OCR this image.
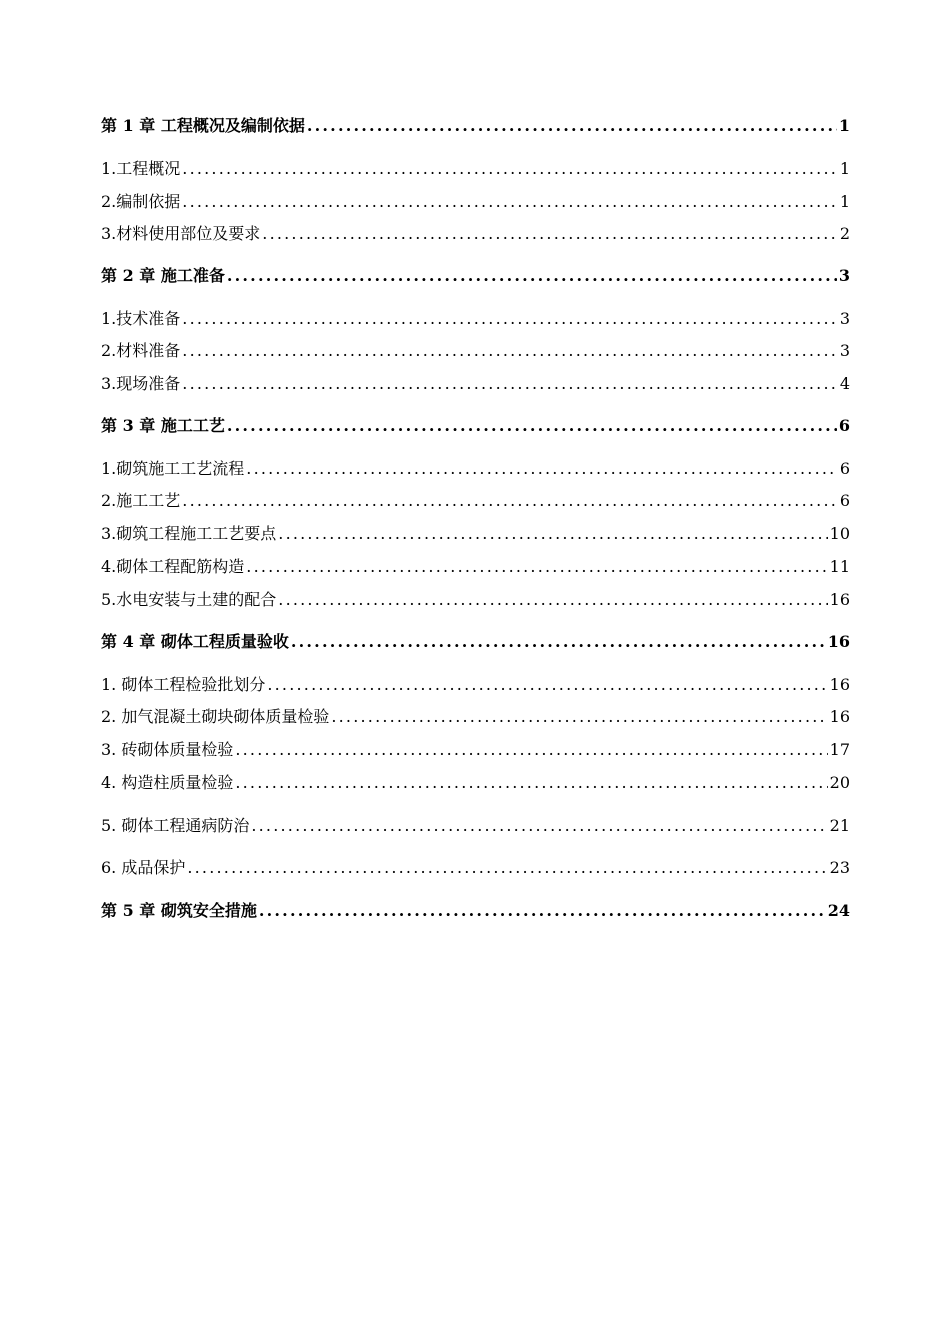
第 1 章 工程概况及编制依据 .....	1
1.工程概况 .....	1
2.编制依据 .....	1
3.材料使用部位及要求 .....	2
第 2 章 施工准备 .....	3
1.技术准备 .....	3
2.材料准备 .....	3
3.现场准备 .....	4
第 3 章 施工工艺 .....	6
1.砌筑施工工艺流程 .....	6
2.施工工艺 .....	6
3.砌筑工程施工工艺要点 .....	10
4.砌体工程配筋构造 .....	11
5.水电安装与土建的配合 .....	16
第 4 章 砌体工程质量验收 .....	16
1. 砌体工程检验批划分 .....	16
2. 加气混凝土砌块砌体质量检验 .....	16
3. 砖砌体质量检验 .....	17
4. 构造柱质量检验 .....	20
5. 砌体工程通病防治 .....	21
6. 成品保护 .....	23
第 5 章 砌筑安全措施 .....	24
